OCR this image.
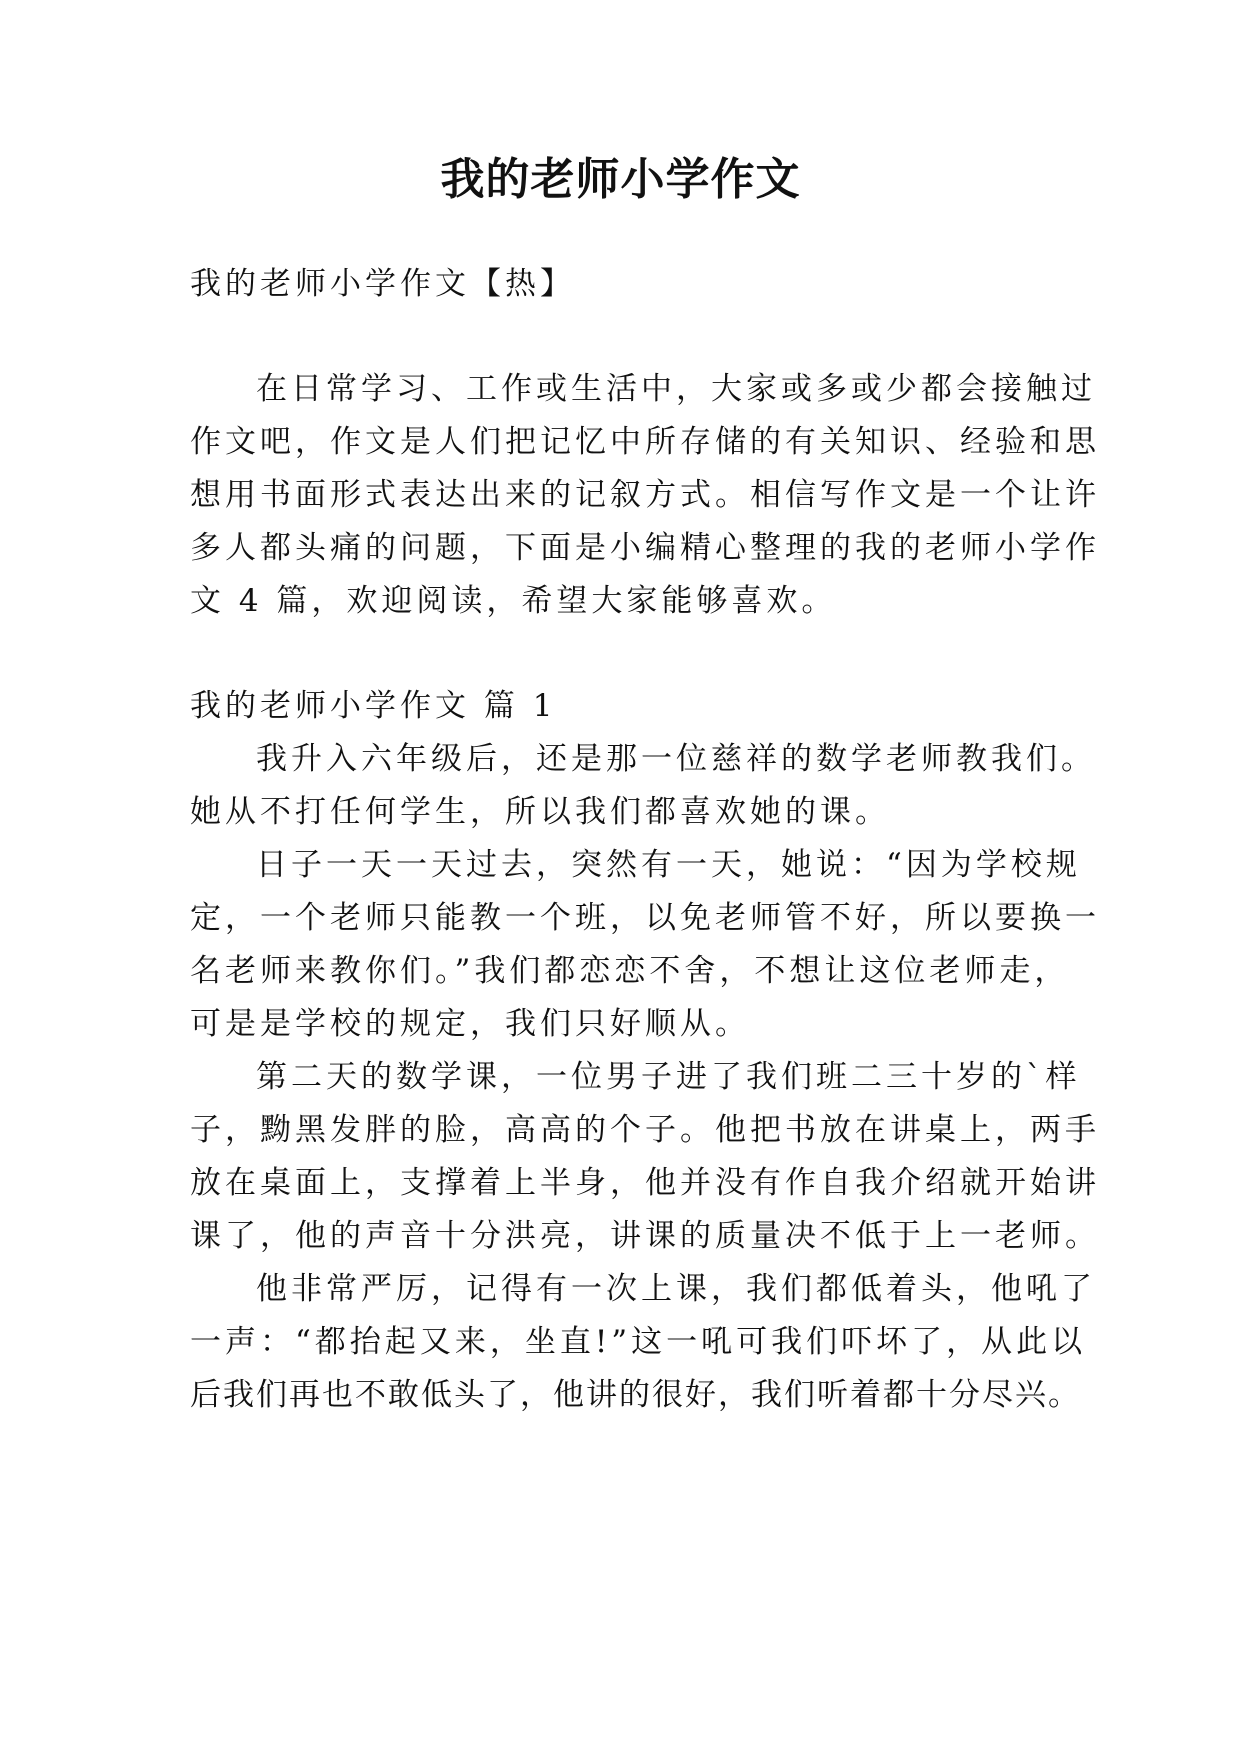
我的老师小学作文

我的老师小学作文【热】

在日常学习、工作或生活中，大家或多或少都会接触过

作文吧，作文是人们把记忆中所存储的有关知识、经验和思

想用书面形式表达出来的记叙方式。相信写作文是一个让许

多人都头痛的问题，下面是小编精心整理的我的老师小学作

文 4 篇，欢迎阅读，希望大家能够喜欢。

我的老师小学作文 篇 1

我升入六年级后，还是那一位慈祥的数学老师教我们。

她从不打任何学生，所以我们都喜欢她的课。

日子一天一天过去，突然有一天，她说：“因为学校规

定，一个老师只能教一个班，以免老师管不好，所以要换一

名老师来教你们。”我们都恋恋不舍，不想让这位老师走，

可是是学校的规定，我们只好顺从。

第二天的数学课，一位男子进了我们班二三十岁的`样

子，黝黑发胖的脸，高高的个子。他把书放在讲桌上，两手

放在桌面上，支撑着上半身，他并没有作自我介绍就开始讲

课了，他的声音十分洪亮，讲课的质量决不低于上一老师。

他非常严厉，记得有一次上课，我们都低着头，他吼了

一声：“都抬起又来，坐直!”这一吼可我们吓坏了，从此以

后我们再也不敢低头了，他讲的很好，我们听着都十分尽兴。
